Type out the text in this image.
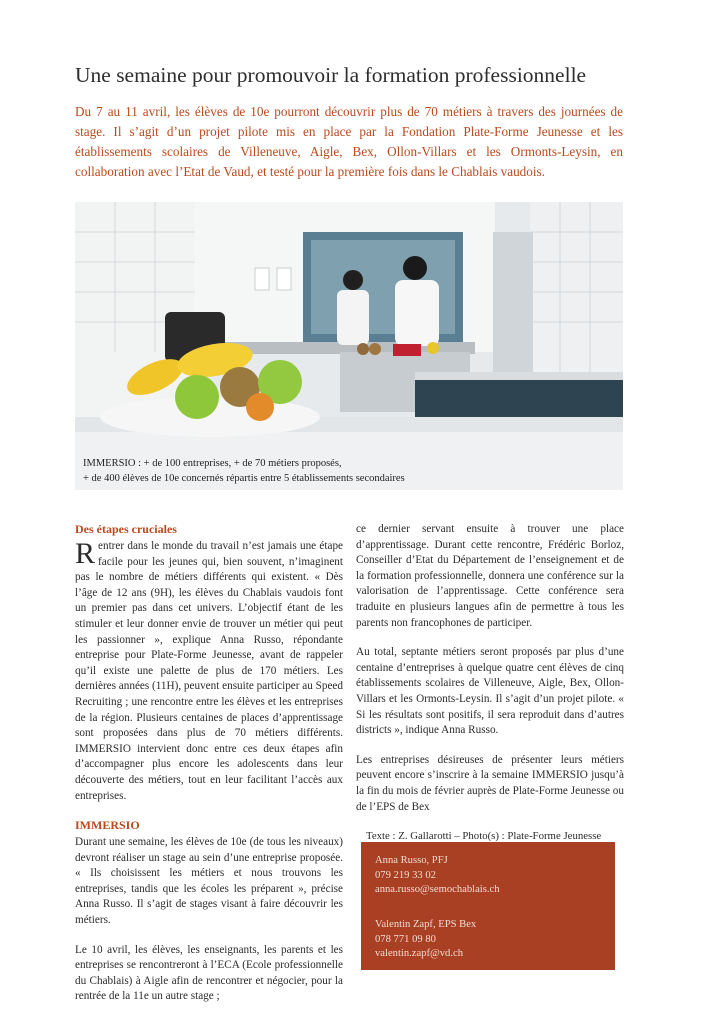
Une semaine pour promouvoir la formation professionnelle

Du 7 au 11 avril, les élèves de 10e pourront découvrir plus de 70 métiers à travers des journées de stage. Il s’agit d’un projet pilote mis en place par la Fondation Plate-Forme Jeunesse et les établissements scolaires de Villeneuve, Aigle, Bex, Ollon-Villars et les Ormonts-Leysin, en collaboration avec l’Etat de Vaud, et testé pour la première fois dans le Chablais vaudois.

IMMERSIO : + de 100 entreprises, + de 70 métiers proposés,
+ de 400 élèves de 10e concernés répartis entre 5 établissements secondaires
Des étapes cruciales

Rentrer dans le monde du travail n’est jamais une étape facile pour les jeunes qui, bien souvent, n’imaginent pas le nombre de métiers différents qui existent. « Dès l’âge de 12 ans (9H), les élèves du Chablais vaudois font un premier pas dans cet univers. L’objectif étant de les stimuler et leur donner envie de trouver un métier qui peut les passionner », explique Anna Russo, répondante entreprise pour Plate-Forme Jeunesse, avant de rappeler qu’il existe une palette de plus de 170 métiers. Les dernières années (11H), peuvent ensuite participer au Speed Recruiting ; une rencontre entre les élèves et les entreprises de la région. Plusieurs centaines de places d’apprentissage sont proposées dans plus de 70 métiers différents. IMMERSIO intervient donc entre ces deux étapes afin d’accompagner plus encore les adolescents dans leur découverte des métiers, tout en leur facilitant l’accès aux entreprises.

IMMERSIO

Durant une semaine, les élèves de 10e (de tous les niveaux) devront réaliser un stage au sein d’une entreprise proposée. « Ils choisissent les métiers et nous trouvons les entreprises, tandis que les écoles les préparent », précise Anna Russo. Il s’agit de stages visant à faire découvrir les métiers.

Le 10 avril, les élèves, les enseignants, les parents et les entreprises se rencontreront à l’ECA (Ecole professionnelle du Chablais) à Aigle afin de rencontrer et négocier, pour la rentrée de la 11e un autre stage ;

ce dernier servant ensuite à trouver une place d’apprentissage. Durant cette rencontre, Frédéric Borloz, Conseiller d’Etat du Département de l’enseignement et de la formation professionnelle, donnera une conférence sur la valorisation de l’apprentissage. Cette conférence sera traduite en plusieurs langues afin de permettre à tous les parents non francophones de participer.

Au total, septante métiers seront proposés par plus d’une centaine d’entreprises à quelque quatre cent élèves de cinq établissements scolaires de Villeneuve, Aigle, Bex, Ollon-Villars et les Ormonts-Leysin. Il s’agit d’un projet pilote. « Si les résultats sont positifs, il sera reproduit dans d’autres districts », indique Anna Russo.

Les entreprises désireuses de présenter leurs métiers peuvent encore s’inscrire à la semaine IMMERSIO jusqu’à la fin du mois de février auprès de Plate-Forme Jeunesse ou de l’EPS de Bex

Texte : Z. Gallarotti – Photo(s) : Plate-Forme Jeunesse
Anna Russo, PFJ
079 219 33 02
anna.russo@semochablais.ch
Valentin Zapf, EPS Bex
078 771 09 80
valentin.zapf@vd.ch
